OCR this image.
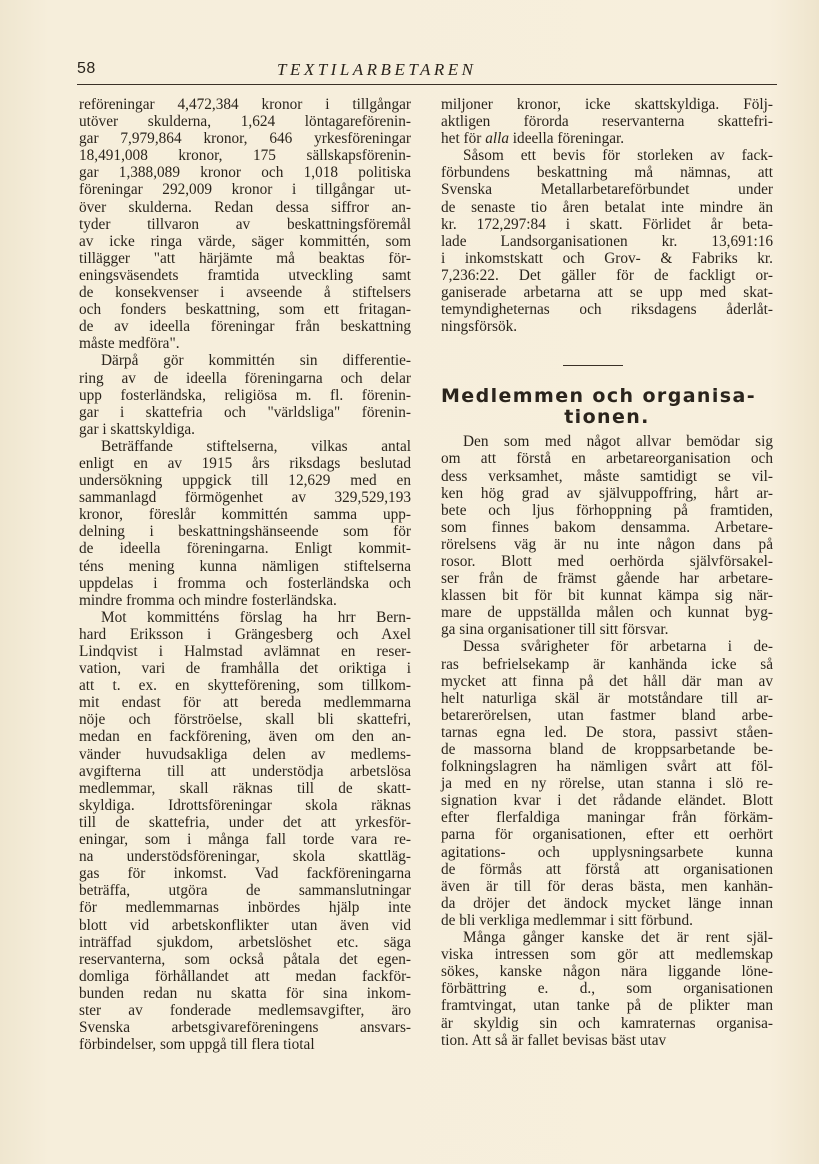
58	TEXTILARBETAREN
reföreningar 4,472,384 kronor i tillgångar
utöver skulderna, 1,624 löntagareförenin-
gar 7,979,864 kronor, 646 yrkesföreningar
18,491,008 kronor, 175 sällskapsförenin-
gar 1,388,089 kronor och 1,018 politiska
föreningar 292,009 kronor i tillgångar ut-
över skulderna. Redan dessa siffror an-
tyder tillvaron av beskattningsföremål
av icke ringa värde, säger kommittén, som
tillägger "att härjämte må beaktas för-
eningsväsendets framtida utveckling samt
de konsekvenser i avseende å stiftelsers
och fonders beskattning, som ett fritagan-
de av ideella föreningar från beskattning
måste medföra".
Därpå gör kommittén sin differentie-
ring av de ideella föreningarna och delar
upp fosterländska, religiösa m. fl. förenin-
gar i skattefria och "världsliga" förenin-
gar i skattskyldiga.
Beträffande stiftelserna, vilkas antal
enligt en av 1915 års riksdags beslutad
undersökning uppgick till 12,629 med en
sammanlagd förmögenhet av 329,529,193
kronor, föreslår kommittén samma upp-
delning i beskattningshänseende som för
de ideella föreningarna. Enligt kommit-
téns mening kunna nämligen stiftelserna
uppdelas i fromma och fosterländska och
mindre fromma och mindre fosterländska.
Mot kommitténs förslag ha hrr Bern-
hard Eriksson i Grängesberg och Axel
Lindqvist i Halmstad avlämnat en reser-
vation, vari de framhålla det oriktiga i
att t. ex. en skytteförening, som tillkom-
mit endast för att bereda medlemmarna
nöje och förströelse, skall bli skattefri,
medan en fackförening, även om den an-
vänder huvudsakliga delen av medlems-
avgifterna till att understödja arbetslösa
medlemmar, skall räknas till de skatt-
skyldiga. Idrottsföreningar skola räknas
till de skattefria, under det att yrkesför-
eningar, som i många fall torde vara re-
na understödsföreningar, skola skattläg-
gas för inkomst. Vad fackföreningarna
beträffa, utgöra de sammanslutningar
för medlemmarnas inbördes hjälp inte
blott vid arbetskonflikter utan även vid
inträffad sjukdom, arbetslöshet etc. säga
reservanterna, som också påtala det egen-
domliga förhållandet att medan fackför-
bunden redan nu skatta för sina inkom-
ster av fonderade medlemsavgifter, äro
Svenska arbetsgivareföreningens ansvars-
förbindelser, som uppgå till flera tiotal
miljoner kronor, icke skattskyldiga. Följ-
aktligen förorda reservanterna skattefri-
het för alla ideella föreningar.
Såsom ett bevis för storleken av fack-
förbundens beskattning må nämnas, att
Svenska Metallarbetareförbundet under
de senaste tio åren betalat inte mindre än
kr. 172,297:84 i skatt. Förlidet år beta-
lade Landsorganisationen kr. 13,691:16
i inkomstskatt och Grov- & Fabriks kr.
7,236:22. Det gäller för de fackligt or-
ganiserade arbetarna att se upp med skat-
temyndigheternas och riksdagens åderlåt-
ningsförsök.
Medlemmen och organisa-
tionen.
Den som med något allvar bemödar sig
om att förstå en arbetareorganisation och
dess verksamhet, måste samtidigt se vil-
ken hög grad av självuppoffring, hårt ar-
bete och ljus förhoppning på framtiden,
som finnes bakom densamma. Arbetare-
rörelsens väg är nu inte någon dans på
rosor. Blott med oerhörda självförsakel-
ser från de främst gående har arbetare-
klassen bit för bit kunnat kämpa sig när-
mare de uppställda målen och kunnat byg-
ga sina organisationer till sitt försvar.
Dessa svårigheter för arbetarna i de-
ras befrielsekamp är kanhända icke så
mycket att finna på det håll där man av
helt naturliga skäl är motståndare till ar-
betarerörelsen, utan fastmer bland arbe-
tarnas egna led. De stora, passivt ståen-
de massorna bland de kroppsarbetande be-
folkningslagren ha nämligen svårt att föl-
ja med en ny rörelse, utan stanna i slö re-
signation kvar i det rådande eländet. Blott
efter flerfaldiga maningar från förkäm-
parna för organisationen, efter ett oerhört
agitations- och upplysningsarbete kunna
de förmås att förstå att organisationen
även är till för deras bästa, men kanhän-
da dröjer det ändock mycket länge innan
de bli verkliga medlemmar i sitt förbund.
Många gånger kanske det är rent själ-
viska intressen som gör att medlemskap
sökes, kanske någon nära liggande löne-
förbättring e. d., som organisationen
framtvingat, utan tanke på de plikter man
är skyldig sin och kamraternas organisa-
tion. Att så är fallet bevisas bäst utav
